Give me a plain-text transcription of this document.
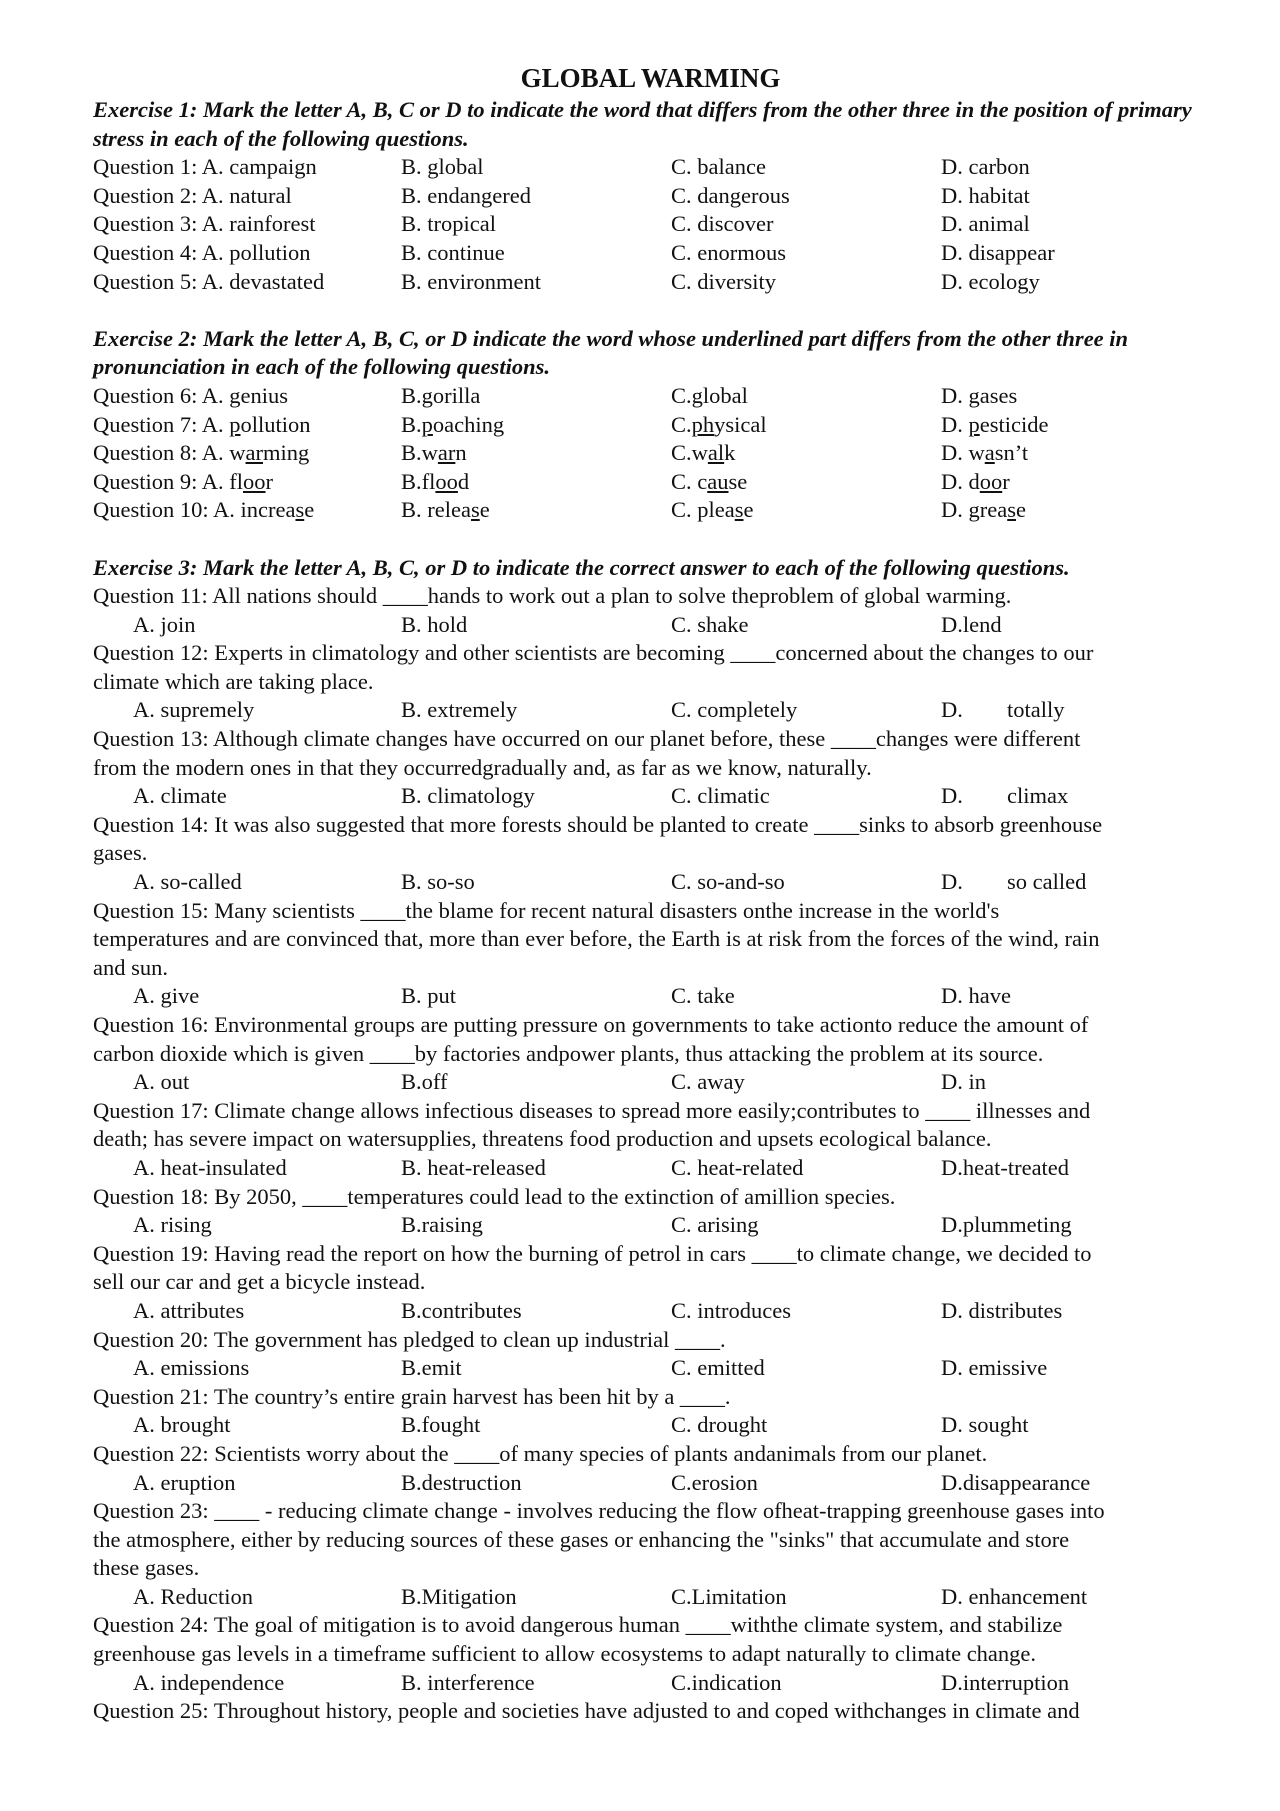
GLOBAL WARMING
Exercise 1: Mark the letter A, B, C or D to indicate the word that differs from the other three in the position of primary stress in each of the following questions.
Question 1: A. campaign	B. global	C. balance	D. carbon
Question 2: A. natural	B. endangered	C. dangerous	D. habitat
Question 3: A. rainforest	B. tropical	C. discover	D. animal
Question 4: A. pollution	B. continue	C. enormous	D. disappear
Question 5: A. devastated	B. environment	C. diversity	D. ecology
Exercise 2: Mark the letter A, B, C, or D indicate the word whose underlined part differs from the other three in pronunciation in each of the following questions.
Question 6: A. genius	B.gorilla	C.global	D. gases
Question 7: A. pollution	B.poaching	C.physical	D. pesticide
Question 8: A. warming	B.warn	C.walk	D. wasn’t
Question 9: A. floor	B.flood	C. cause	D. door
Question 10: A. increase	B. release	C. please	D. grease
Exercise 3: Mark the letter A, B, C, or D to indicate the correct answer to each of the following questions.
Question 11: All nations should ____hands to work out a plan to solve theproblem of global warming.
A. join	B. hold	C. shake	D.lend
Question 12: Experts in climatology and other scientists are becoming ____concerned about the changes to our
climate which are taking place.
A. supremely	B. extremely	C. completely	D. totally
Question 13: Although climate changes have occurred on our planet before, these ____changes were different
from the modern ones in that they occurredgradually and, as far as we know, naturally.
A. climate	B. climatology	C. climatic	D. climax
Question 14: It was also suggested that more forests should be planted to create ____sinks to absorb greenhouse
gases.
A. so-called	B. so-so	C. so-and-so	D. so called
Question 15: Many scientists ____the blame for recent natural disasters onthe increase in the world's
temperatures and are convinced that, more than ever before, the Earth is at risk from the forces of the wind, rain
and sun.
A. give	B. put	C. take	D. have
Question 16: Environmental groups are putting pressure on governments to take actionto reduce the amount of
carbon dioxide which is given ____by factories andpower plants, thus attacking the problem at its source.
A. out	B.off	C. away	D. in
Question 17: Climate change allows infectious diseases to spread more easily;contributes to ____ illnesses and
death; has severe impact on watersupplies, threatens food production and upsets ecological balance.
A. heat-insulated	B. heat-released	C. heat-related	D.heat-treated
Question 18: By 2050, ____temperatures could lead to the extinction of amillion species.
A. rising	B.raising	C. arising	D.plummeting
Question 19: Having read the report on how the burning of petrol in cars ____to climate change, we decided to
sell our car and get a bicycle instead.
A. attributes	B.contributes	C. introduces	D. distributes
Question 20: The government has pledged to clean up industrial ____.
A. emissions	B.emit	C. emitted	D. emissive
Question 21: The country’s entire grain harvest has been hit by a ____.
A. brought	B.fought	C. drought	D. sought
Question 22: Scientists worry about the ____of many species of plants andanimals from our planet.
A. eruption	B.destruction	C.erosion	D.disappearance
Question 23: ____ - reducing climate change - involves reducing the flow ofheat-trapping greenhouse gases into
the atmosphere, either by reducing sources of these gases or enhancing the "sinks" that accumulate and store
these gases.
A. Reduction	B.Mitigation	C.Limitation	D. enhancement
Question 24: The goal of mitigation is to avoid dangerous human ____withthe climate system, and stabilize
greenhouse gas levels in a timeframe sufficient to allow ecosystems to adapt naturally to climate change.
A. independence	B. interference	C.indication	D.interruption
Question 25: Throughout history, people and societies have adjusted to and coped withchanges in climate and
